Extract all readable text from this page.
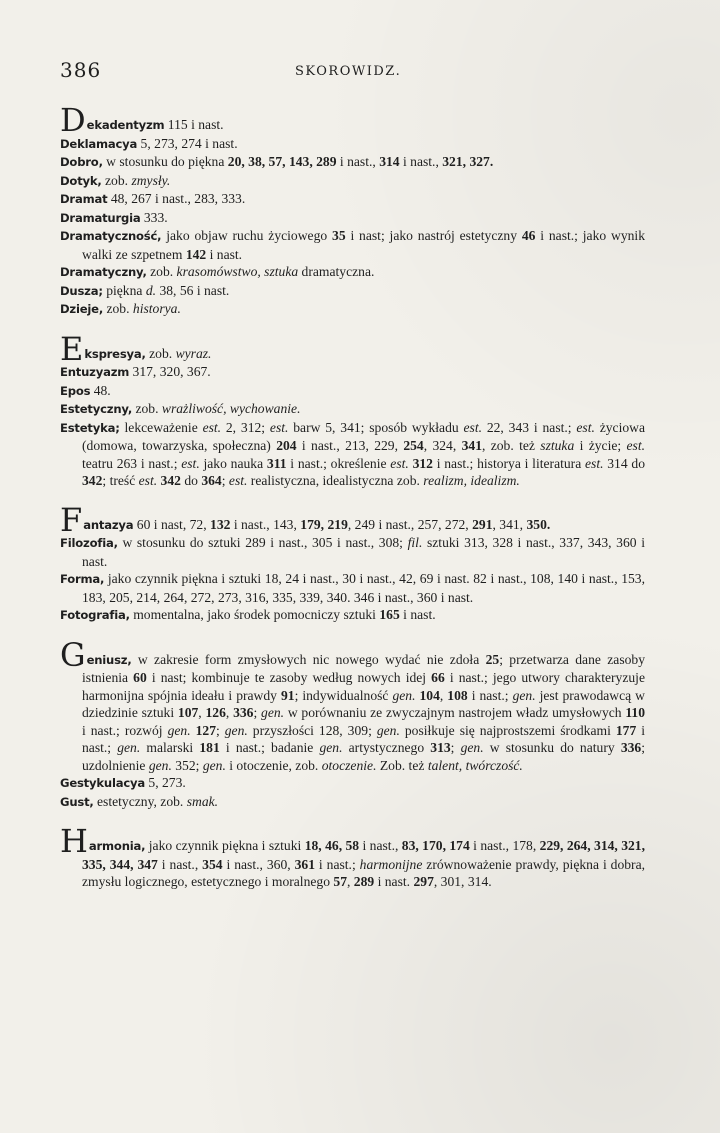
386	SKOROWIDZ.
Dekadentyzm 115 i nast.
Deklamacya 5, 273, 274 i nast.
Dobro, w stosunku do piękna 20, 38, 57, 143, 289 i nast., 314 i nast., 321, 327.
Dotyk, zob. zmysły.
Dramat 48, 267 i nast., 283, 333.
Dramaturgia 333.
Dramatyczność, jako objaw ruchu życiowego 35 i nast; jako nastrój estetyczny 46 i nast.; jako wynik walki ze szpetnem 142 i nast.
Dramatyczny, zob. krasomówstwo, sztuka dramatyczna.
Dusza; piękna d. 38, 56 i nast.
Dzieje, zob. historya.
Ekspresya, zob. wyraz.
Entuzyazm 317, 320, 367.
Epos 48.
Estetyczny, zob. wrażliwość, wychowanie.
Estetyka; lekceważenie est. 2, 312; est. barw 5, 341; sposób wykładu est. 22, 343 i nast.; est. życiowa (domowa, towarzyska, społeczna) 204 i nast., 213, 229, 254, 324, 341, zob. też sztuka i życie; est. teatru 263 i nast.; est. jako nauka 311 i nast.; określenie est. 312 i nast.; historya i literatura est. 314 do 342; treść est. 342 do 364; est. realistyczna, idealistyczna zob. realizm, idealizm.
Fantazya 60 i nast, 72, 132 i nast., 143, 179, 219, 249 i nast., 257, 272, 291, 341, 350.
Filozofia, w stosunku do sztuki 289 i nast., 305 i nast., 308; fil. sztuki 313, 328 i nast., 337, 343, 360 i nast.
Forma, jako czynnik piękna i sztuki 18, 24 i nast., 30 i nast., 42, 69 i nast. 82 i nast., 108, 140 i nast., 153, 183, 205, 214, 264, 272, 273, 316, 335, 339, 340. 346 i nast., 360 i nast.
Fotografia, momentalna, jako środek pomocniczy sztuki 165 i nast.
Geniusz, w zakresie form zmysłowych nic nowego wydać nie zdoła 25; przetwarza dane zasoby istnienia 60 i nast; kombinuje te zasoby według nowych idej 66 i nast.; jego utwory charakteryzuje harmonijna spójnia ideału i prawdy 91; indywidualność gen. 104, 108 i nast.; gen. jest prawodawcą w dziedzinie sztuki 107, 126, 336; gen. w porównaniu ze zwyczajnym nastrojem władz umysłowych 110 i nast.; rozwój gen. 127; gen. przyszłości 128, 309; gen. posiłkuje się najprostszemi środkami 177 i nast.; gen. malarski 181 i nast.; badanie gen. artystycznego 313; gen. w stosunku do natury 336; uzdolnienie gen. 352; gen. i otoczenie, zob. otoczenie. Zob. też talent, twórczość.
Gestykulacya 5, 273.
Gust, estetyczny, zob. smak.
Harmonia, jako czynnik piękna i sztuki 18, 46, 58 i nast., 83, 170, 174 i nast., 178, 229, 264, 314, 321, 335, 344, 347 i nast., 354 i nast., 360, 361 i nast.; harmonijne zrównoważenie prawdy, piękna i dobra, zmysłu logicznego, estetycznego i moralnego 57, 289 i nast. 297, 301, 314.
